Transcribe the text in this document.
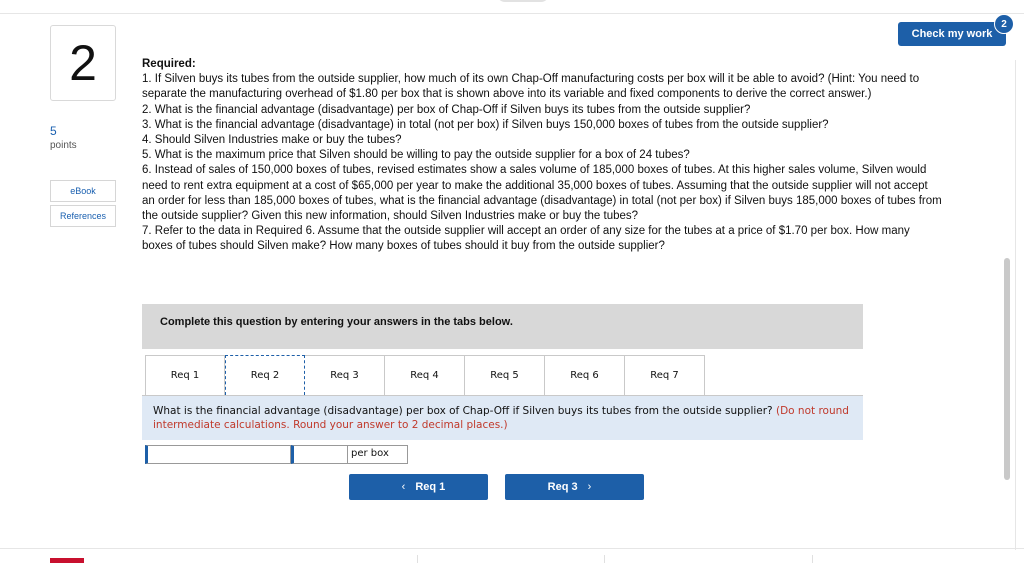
2
5
points
eBook
References
Check my work
2

Required:

1. If Silven buys its tubes from the outside supplier, how much of its own Chap-Off manufacturing costs per box will it be able to avoid? (Hint: You need to separate the manufacturing overhead of $1.80 per box that is shown above into its variable and fixed components to derive the correct answer.)

2. What is the financial advantage (disadvantage) per box of Chap-Off if Silven buys its tubes from the outside supplier?

3. What is the financial advantage (disadvantage) in total (not per box) if Silven buys 150,000 boxes of tubes from the outside supplier?

4. Should Silven Industries make or buy the tubes?

5. What is the maximum price that Silven should be willing to pay the outside supplier for a box of 24 tubes?

6. Instead of sales of 150,000 boxes of tubes, revised estimates show a sales volume of 185,000 boxes of tubes. At this higher sales volume, Silven would need to rent extra equipment at a cost of $65,000 per year to make the additional 35,000 boxes of tubes. Assuming that the outside supplier will not accept an order for less than 185,000 boxes of tubes, what is the financial advantage (disadvantage) in total (not per box) if Silven buys 185,000 boxes of tubes from the outside supplier? Given this new information, should Silven Industries make or buy the tubes?

7. Refer to the data in Required 6. Assume that the outside supplier will accept an order of any size for the tubes at a price of $1.70 per box. How many boxes of tubes should Silven make? How many boxes of tubes should it buy from the outside supplier?

Complete this question by entering your answers in the tabs below.
Req 1	Req 2	Req 3	Req 4	Req 5	Req 6	Req 7
What is the financial advantage (disadvantage) per box of Chap-Off if Silven buys its tubes from the outside supplier? (Do not round intermediate calculations. Round your answer to 2 decimal places.)
per box
‹ Req 1	Req 3 ›
